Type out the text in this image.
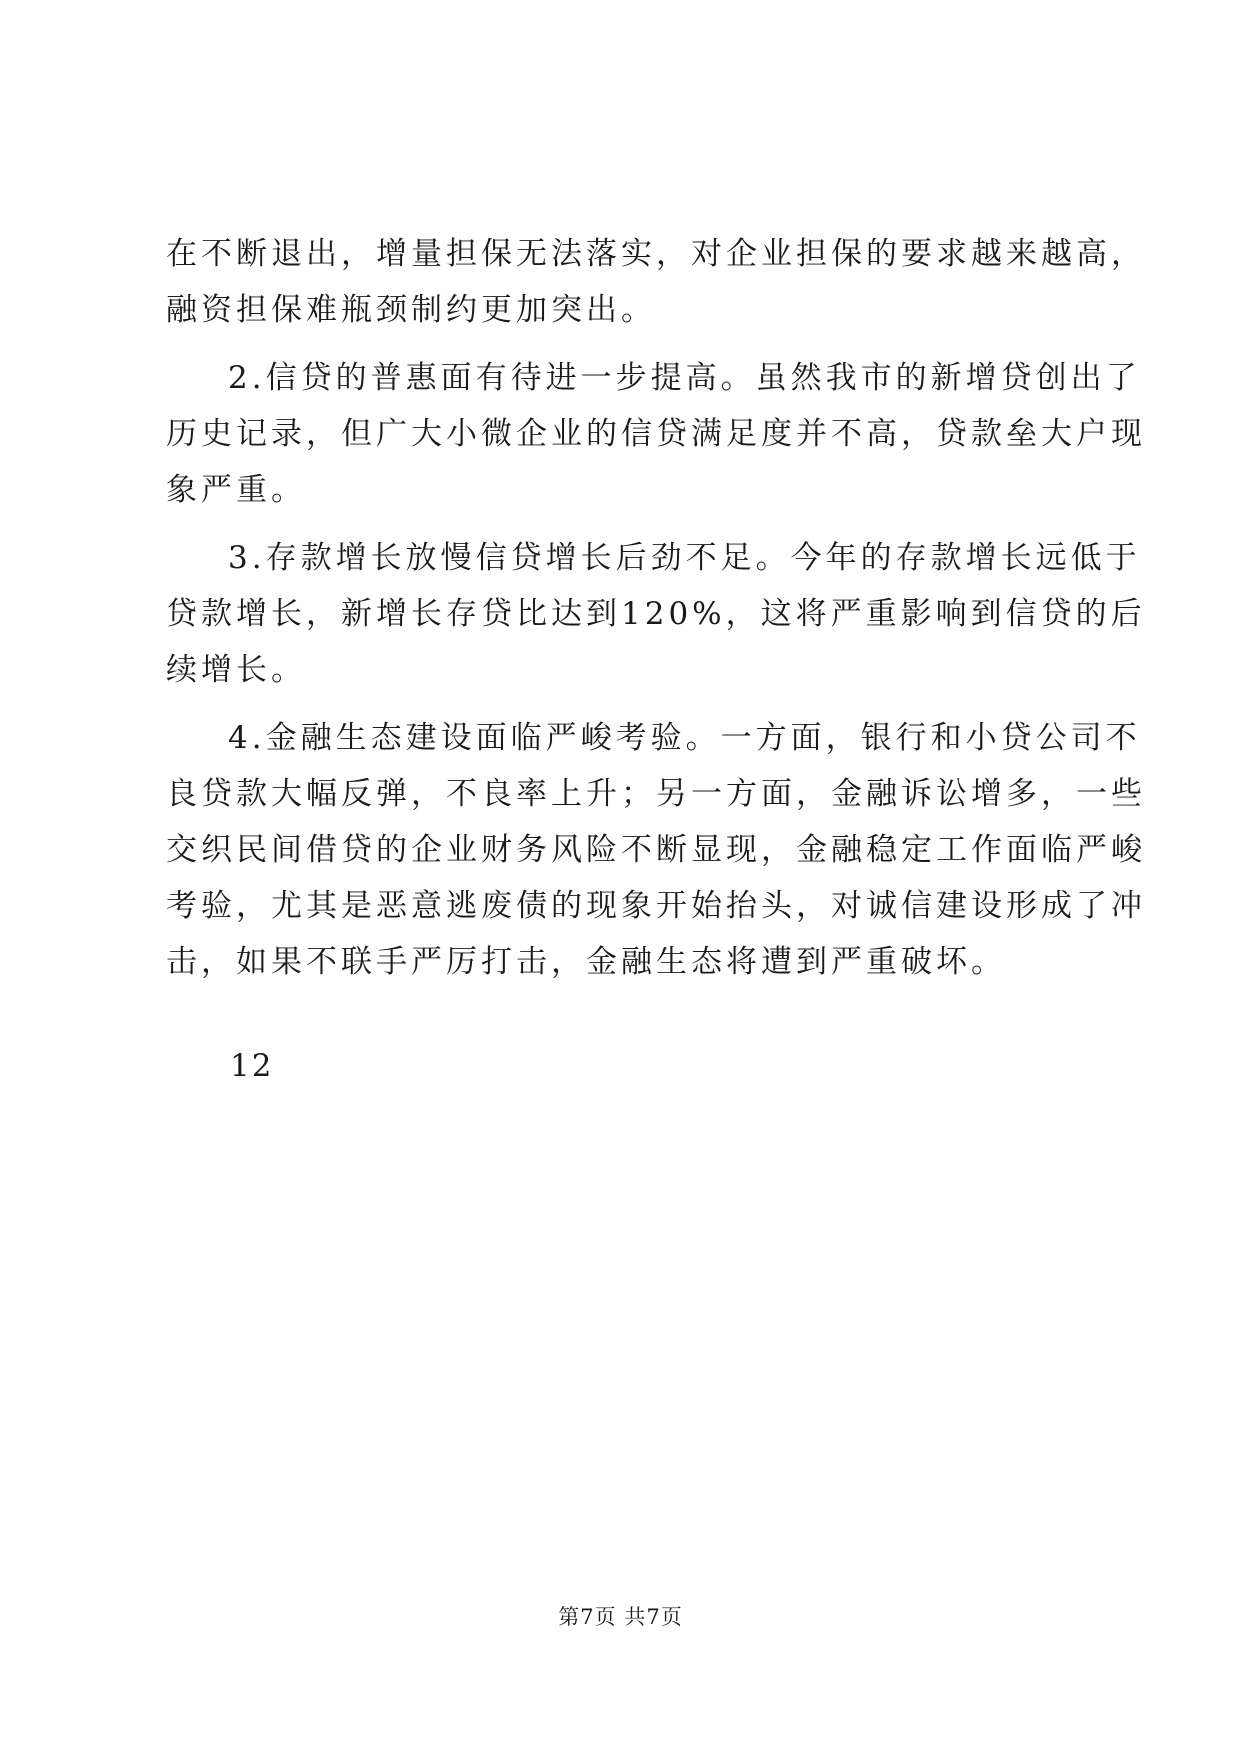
在不断退出，增量担保无法落实，对企业担保的要求越来越高，
融资担保难瓶颈制约更加突出。

2.信贷的普惠面有待进一步提高。虽然我市的新增贷创出了
历史记录，但广大小微企业的信贷满足度并不高，贷款垒大户现
象严重。

3.存款增长放慢信贷增长后劲不足。今年的存款增长远低于
贷款增长，新增长存贷比达到120%，这将严重影响到信贷的后
续增长。

4.金融生态建设面临严峻考验。一方面，银行和小贷公司不
良贷款大幅反弹，不良率上升；另一方面，金融诉讼增多，一些
交织民间借贷的企业财务风险不断显现，金融稳定工作面临严峻
考验，尤其是恶意逃废债的现象开始抬头，对诚信建设形成了冲
击，如果不联手严厉打击，金融生态将遭到严重破坏。

12
第7页 共7页
